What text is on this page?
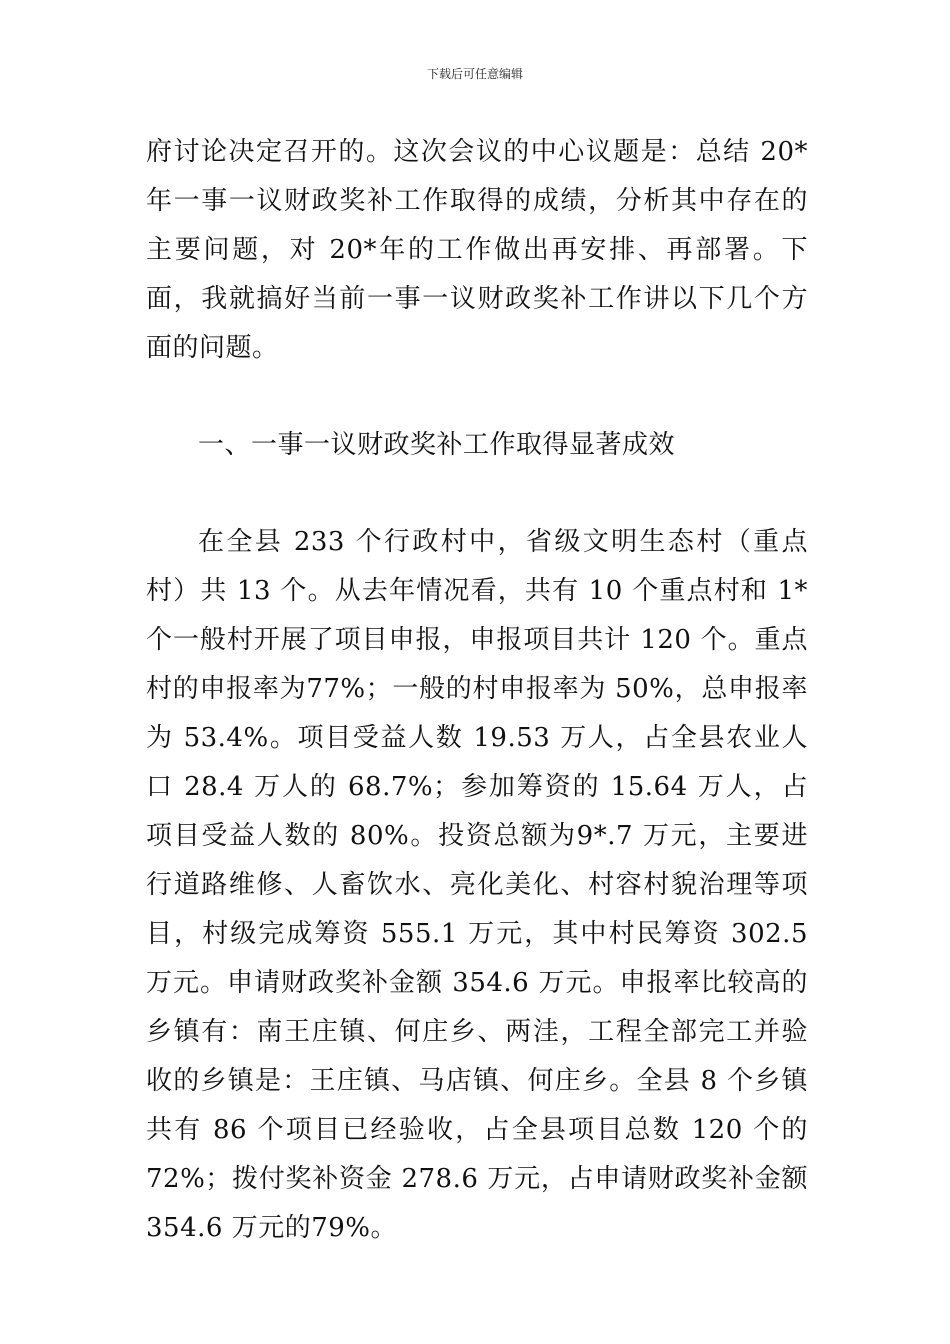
下载后可任意编辑

府讨论决定召开的。这次会议的中心议题是：总结 20*年一事一议财政奖补工作取得的成绩，分析其中存在的主要问题，对 20*年的工作做出再安排、再部署。下面，我就搞好当前一事一议财政奖补工作讲以下几个方面的问题。

一、一事一议财政奖补工作取得显著成效

在全县 233 个行政村中，省级文明生态村（重点村）共 13 个。从去年情况看，共有 10 个重点村和 1*个一般村开展了项目申报，申报项目共计 120 个。重点村的申报率为77%；一般的村申报率为 50%，总申报率为 53.4%。项目受益人数 19.53 万人，占全县农业人口 28.4 万人的 68.7%；参加筹资的 15.64 万人，占项目受益人数的 80%。投资总额为9*.7 万元，主要进行道路维修、人畜饮水、亮化美化、村容村貌治理等项目，村级完成筹资 555.1 万元，其中村民筹资 302.5 万元。申请财政奖补金额 354.6 万元。申报率比较高的乡镇有：南王庄镇、何庄乡、两洼，工程全部完工并验收的乡镇是：王庄镇、马店镇、何庄乡。全县 8 个乡镇共有 86 个项目已经验收，占全县项目总数 120 个的 72%；拨付奖补资金 278.6 万元，占申请财政奖补金额 354.6 万元的79%。
